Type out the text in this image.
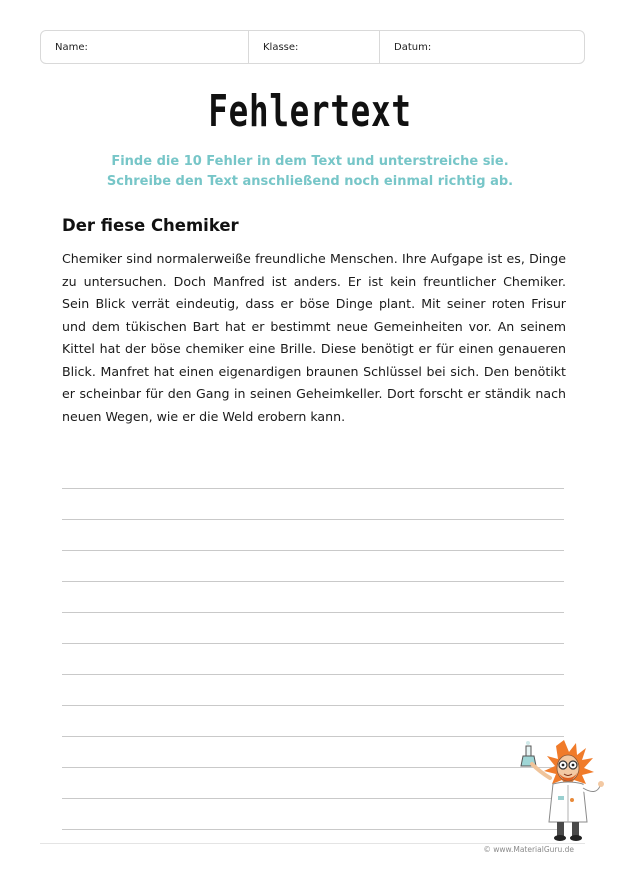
Name:	Klasse:	Datum:
Fehlertext
Finde die 10 Fehler in dem Text und unterstreiche sie.
Schreibe den Text anschließend noch einmal richtig ab.
Der fiese Chemiker
Chemiker sind normalerweiße freundliche Menschen. Ihre Aufgape ist es, Dinge zu untersuchen. Doch Manfred ist anders. Er ist kein freuntlicher Chemiker. Sein Blick verrät eindeutig, dass er böse Dinge plant. Mit seiner roten Frisur und dem tükischen Bart hat er bestimmt neue Gemeinheiten vor. An seinem Kittel hat der böse chemiker eine Brille. Diese benötigt er für einen genaueren Blick. Manfret hat einen eigenardigen braunen Schlüssel bei sich. Den benötikt er scheinbar für den Gang in seinen Geheimkeller. Dort forscht er ständik nach neuen Wegen, wie er die Weld erobern kann.
© www.MaterialGuru.de
